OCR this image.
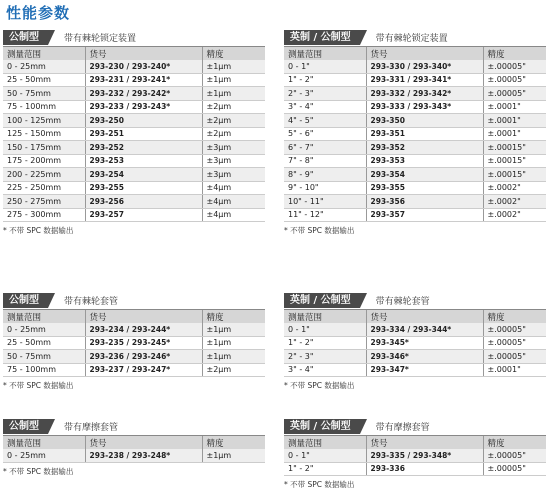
性能参数
公制型	带有棘轮锁定装置
测量范围	货号	精度
0 - 25mm	293-230 / 293-240*	±1μm
25 - 50mm	293-231 / 293-241*	±1μm
50 - 75mm	293-232 / 293-242*	±1μm
75 - 100mm	293-233 / 293-243*	±2μm
100 - 125mm	293-250	±2μm
125 - 150mm	293-251	±2μm
150 - 175mm	293-252	±3μm
175 - 200mm	293-253	±3μm
200 - 225mm	293-254	±3μm
225 - 250mm	293-255	±4μm
250 - 275mm	293-256	±4μm
275 - 300mm	293-257	±4μm
* 不带 SPC 数据输出
英制 / 公制型	带有棘轮锁定装置
测量范围	货号	精度
0 - 1"	293-330 / 293-340*	±.00005"
1" - 2"	293-331 / 293-341*	±.00005"
2" - 3"	293-332 / 293-342*	±.00005"
3" - 4"	293-333 / 293-343*	±.0001"
4" - 5"	293-350	±.0001"
5" - 6"	293-351	±.0001"
6" - 7"	293-352	±.00015"
7" - 8"	293-353	±.00015"
8" - 9"	293-354	±.00015"
9" - 10"	293-355	±.0002"
10" - 11"	293-356	±.0002"
11" - 12"	293-357	±.0002"
* 不带 SPC 数据输出
公制型	带有棘轮套管
测量范围	货号	精度
0 - 25mm	293-234 / 293-244*	±1μm
25 - 50mm	293-235 / 293-245*	±1μm
50 - 75mm	293-236 / 293-246*	±1μm
75 - 100mm	293-237 / 293-247*	±2μm
* 不带 SPC 数据输出
英制 / 公制型	带有棘轮套管
测量范围	货号	精度
0 - 1"	293-334 / 293-344*	±.00005"
1" - 2"	293-345*	±.00005"
2" - 3"	293-346*	±.00005"
3" - 4"	293-347*	±.0001"
* 不带 SPC 数据输出
公制型	带有摩擦套管
测量范围	货号	精度
0 - 25mm	293-238 / 293-248*	±1μm
* 不带 SPC 数据输出
英制 / 公制型	带有摩擦套管
测量范围	货号	精度
0 - 1"	293-335 / 293-348*	±.00005"
1" - 2"	293-336	±.00005"
* 不带 SPC 数据输出
